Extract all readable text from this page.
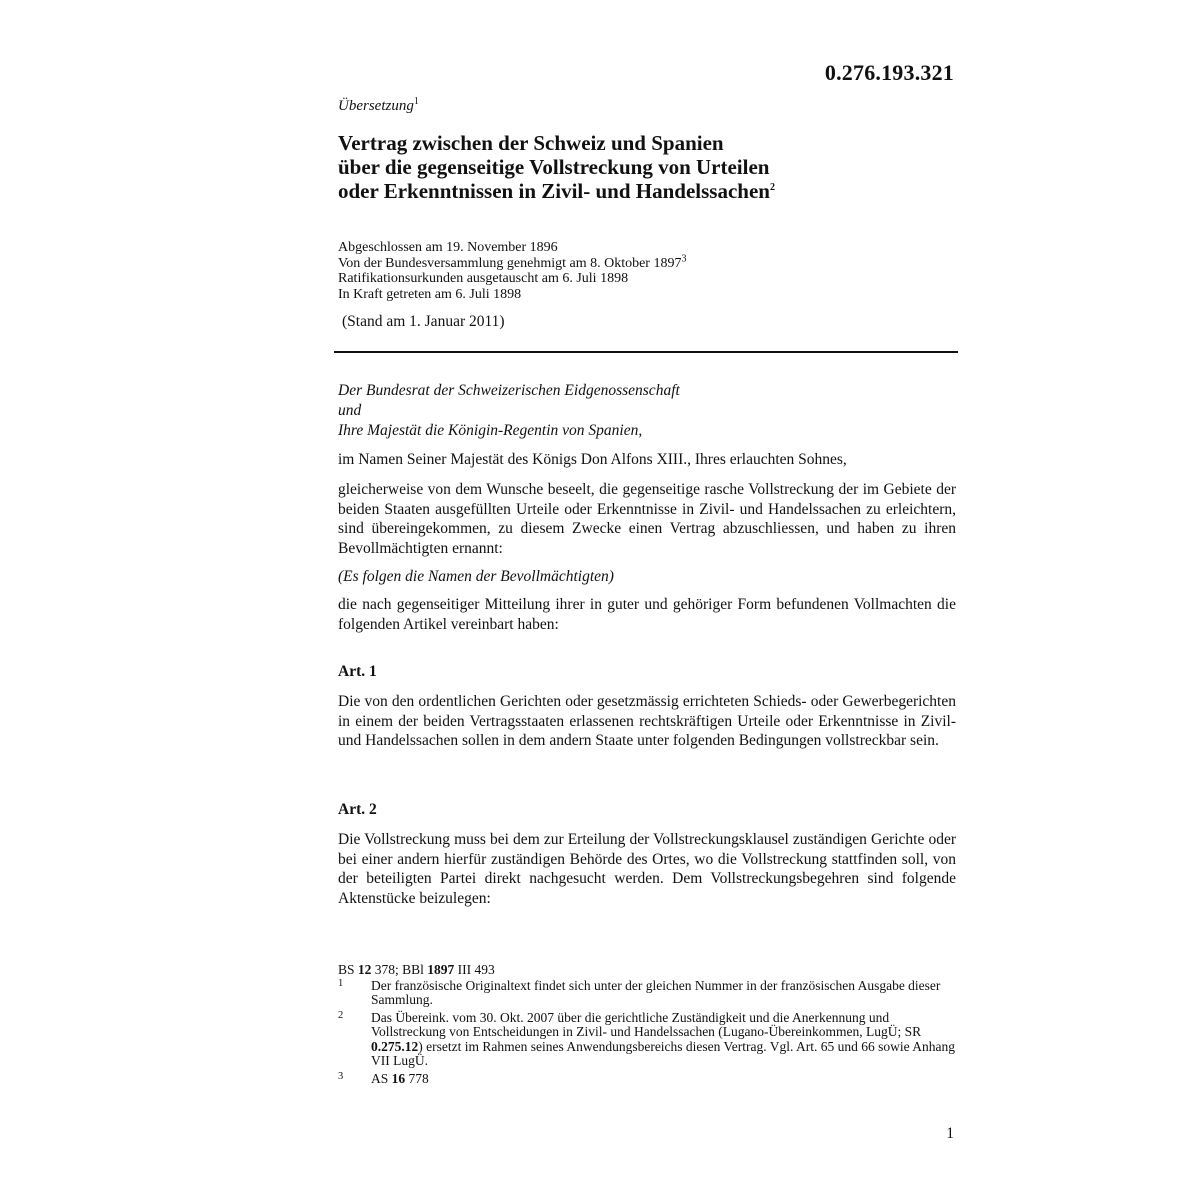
0.276.193.321
Übersetzung$^1$
Vertrag zwischen der Schweiz und Spanien
über die gegenseitige Vollstreckung von Urteilen
oder Erkenntnissen in Zivil- und Handelssachen$^2$
Abgeschlossen am 19. November 1896
Von der Bundesversammlung genehmigt am 8. Oktober 1897$^3$
Ratifikationsurkunden ausgetauscht am 6. Juli 1898
In Kraft getreten am 6. Juli 1898
(Stand am 1. Januar 2011)
Der Bundesrat der Schweizerischen Eidgenossenschaft
und
Ihre Majestät die Königin-Regentin von Spanien,
im Namen Seiner Majestät des Königs Don Alfons XIII., Ihres erlauchten Sohnes,
gleicherweise von dem Wunsche beseelt, die gegenseitige rasche Vollstreckung der im Gebiete der beiden Staaten ausgefüllten Urteile oder Erkenntnisse in Zivil- und Handelssachen zu erleichtern, sind übereingekommen, zu diesem Zwecke einen Vertrag abzuschliessen, und haben zu ihren Bevollmächtigten ernannt:
(Es folgen die Namen der Bevollmächtigten)
die nach gegenseitiger Mitteilung ihrer in guter und gehöriger Form befundenen Vollmachten die folgenden Artikel vereinbart haben:
Art. 1
Die von den ordentlichen Gerichten oder gesetzmässig errichteten Schieds- oder Gewerbegerichten in einem der beiden Vertragsstaaten erlassenen rechtskräftigen Urteile oder Erkenntnisse in Zivil- und Handelssachen sollen in dem andern Staate unter folgenden Bedingungen vollstreckbar sein.
Art. 2
Die Vollstreckung muss bei dem zur Erteilung der Vollstreckungsklausel zuständigen Gerichte oder bei einer andern hierfür zuständigen Behörde des Ortes, wo die Vollstreckung stattfinden soll, von der beteiligten Partei direkt nachgesucht werden. Dem Vollstreckungsbegehren sind folgende Aktenstücke beizulegen:
BS 12 378; BBl 1897 III 493
1 Der französische Originaltext findet sich unter der gleichen Nummer in der französischen Ausgabe dieser Sammlung.
2 Das Übereink. vom 30. Okt. 2007 über die gerichtliche Zuständigkeit und die Anerkennung und Vollstreckung von Entscheidungen in Zivil- und Handelssachen (Lugano-Übereinkommen, LugÜ; SR 0.275.12) ersetzt im Rahmen seines Anwendungsbereichs diesen Vertrag. Vgl. Art. 65 und 66 sowie Anhang VII LugÜ.
3 AS 16 778
1
